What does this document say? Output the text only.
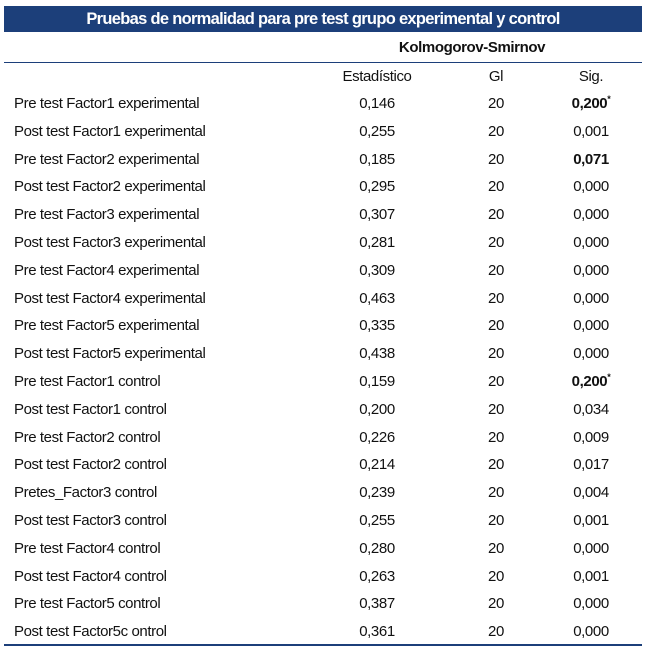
Pruebas de normalidad para pre test grupo experimental y control
Kolmogorov-Smirnov
Estadístico	Gl	Sig.
Pre test Factor1 experimental	0,146	20	0,200*
Post test Factor1 experimental	0,255	20	0,001
Pre test Factor2 experimental	0,185	20	0,071
Post test Factor2 experimental	0,295	20	0,000
Pre test Factor3 experimental	0,307	20	0,000
Post test Factor3 experimental	0,281	20	0,000
Pre test Factor4 experimental	0,309	20	0,000
Post test Factor4 experimental	0,463	20	0,000
Pre test Factor5 experimental	0,335	20	0,000
Post test Factor5 experimental	0,438	20	0,000
Pre test Factor1 control	0,159	20	0,200*
Post test Factor1 control	0,200	20	0,034
Pre test Factor2 control	0,226	20	0,009
Post test Factor2 control	0,214	20	0,017
Pretes_Factor3 control	0,239	20	0,004
Post test Factor3 control	0,255	20	0,001
Pre test Factor4 control	0,280	20	0,000
Post test Factor4 control	0,263	20	0,001
Pre test Factor5 control	0,387	20	0,000
Post test Factor5c ontrol	0,361	20	0,000
